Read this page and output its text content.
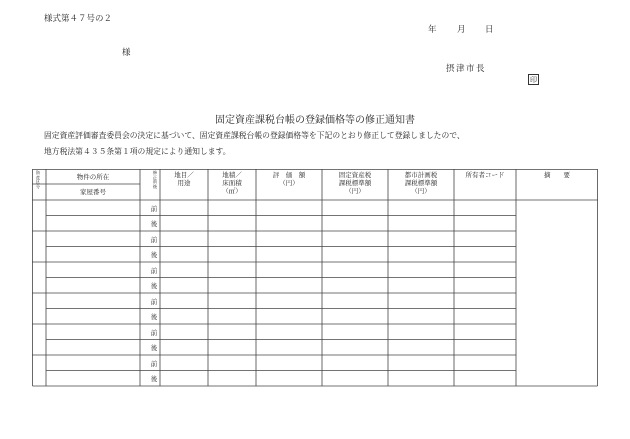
様式第４７号の２
年 月 日
様
摂津市長
印
固定資産課税台帳の登録価格等の修正通知書
固定資産評価審査委員会の決定に基づいて、固定資産課税台帳の登録価格等を下記のとおり修正して登録しましたので、
地方税法第４３５条第１項の規定により通知します。
資
産
区
分
物件の所在
家屋番号
修
正
前
後
地目／
用途
地積／
床面積
（㎡）
評　価　額
（円）
固定資産税
課税標準額
（円）
都市計画税
課税標準額
（円）
所有者コード	摘　　要
前
後
前
後
前
後
前
後
前
後
前
後
